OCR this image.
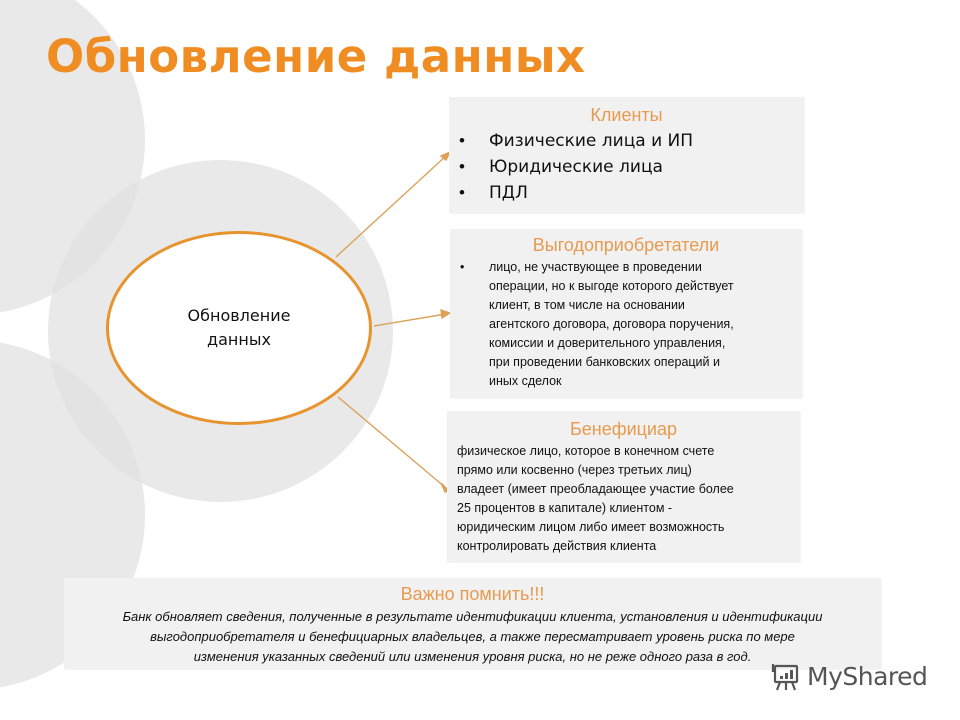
Обновление данных
Обновление
данных
Клиенты
• Физические лица и ИП
• Юридические лица
• ПДЛ
Выгодоприобретатели
• лицо, не участвующее в проведении
операции, но к выгоде которого действует
клиент, в том числе на основании
агентского договора, договора поручения,
комиссии и доверительного управления,
при проведении банковских операций и
иных сделок
Бенефициар
физическое лицо, которое в конечном счете
прямо или косвенно (через третьих лиц)
владеет (имеет преобладающее участие более
25 процентов в капитале) клиентом -
юридическим лицом либо имеет возможность
контролировать действия клиента
Важно помнить!!!
Банк обновляет сведения, полученные в результате идентификации клиента, установления и идентификации
выгодоприобретателя и бенефициарных владельцев, а также пересматривает уровень риска по мере
изменения указанных сведений или изменения уровня риска, но не реже одного раза в год.
MyShared
